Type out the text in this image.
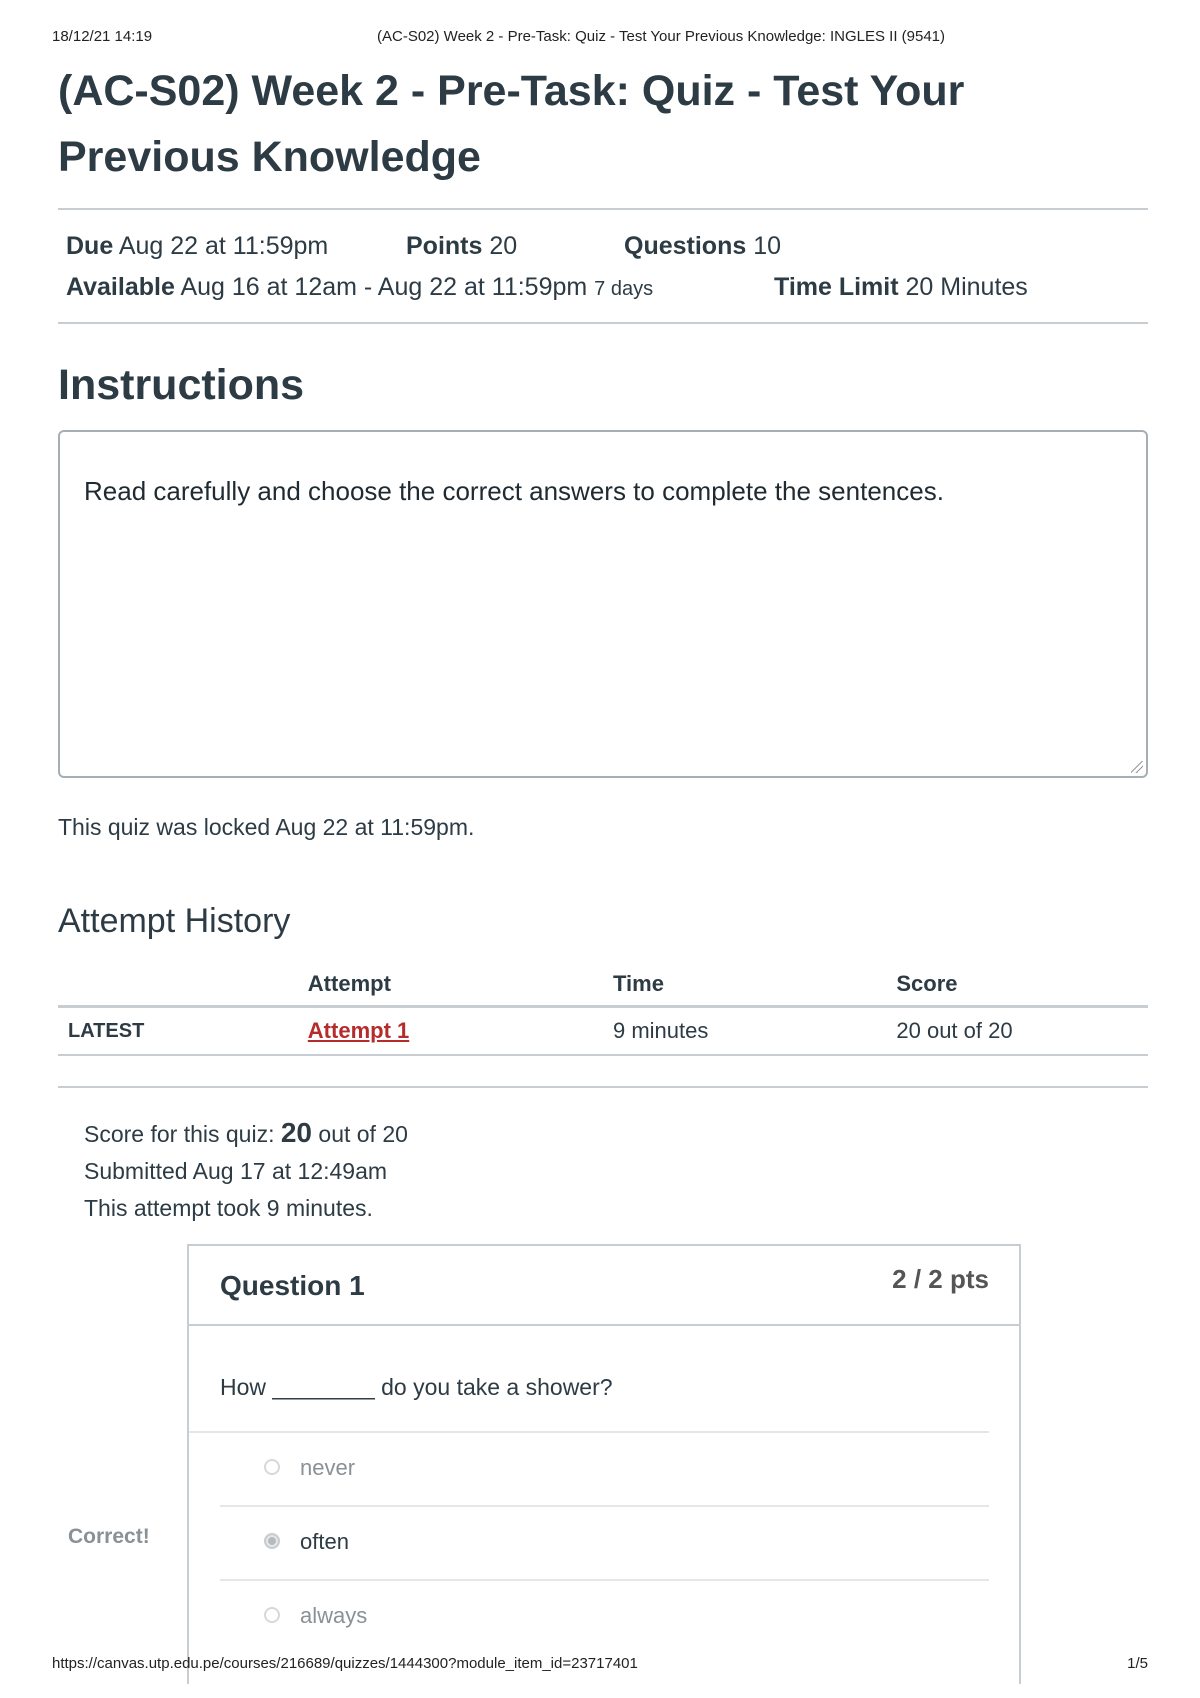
18/12/21 14:19	(AC-S02) Week 2 - Pre-Task: Quiz - Test Your Previous Knowledge: INGLES II (9541)
(AC-S02) Week 2 - Pre-Task: Quiz - Test Your Previous Knowledge
Due Aug 22 at 11:59pm	Points 20	Questions 10
Available Aug 16 at 12am - Aug 22 at 11:59pm 7 days	Time Limit 20 Minutes
Instructions
Read carefully and choose the correct answers to complete the sentences.
This quiz was locked Aug 22 at 11:59pm.
Attempt History
	Attempt	Time	Score
LATEST	Attempt 1	9 minutes	20 out of 20
Score for this quiz: 20 out of 20
Submitted Aug 17 at 12:49am
This attempt took 9 minutes.
Correct!
Question 1	2 / 2 pts
How ________ do you take a shower?
never
often
always
https://canvas.utp.edu.pe/courses/216689/quizzes/1444300?module_item_id=23717401	1/5
